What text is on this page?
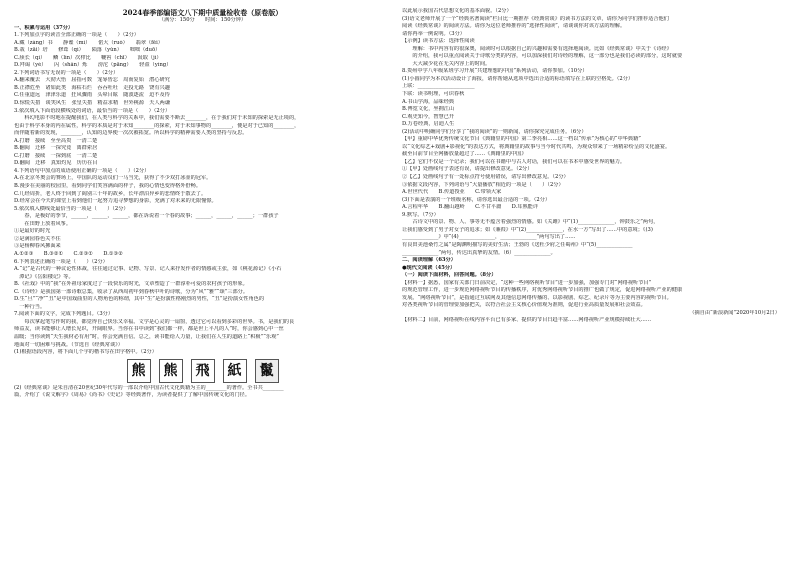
2024春季部编语文八下期中质量检收卷（原卷版）
（满分：150分　　时间：150分钟）
一、积累与运用（37分）
1.下列加点字的读音全部正确的一项是（　　）（2分）
A.藏（zàng）书　　静谧（mì）　　偌大（ruò）　　翡翠（fěi）
B.栽（zāi）培　　修葺（qì）　　陨落（yǔn）　　咄咄（duō）
C.颀长（qí）　　鳞（lín）次栉比　　鞭笞（chī）　　汲取（jí）
D.拜谒（yè）　　闪（shǎn）烁　　滂沱（pāng）　　轻盈（yíng）
2.下列词语书写无误的一项是（　　）（2分）
A.翻来覆去　大彻大悟　屈指可数　宠辱皆忘　周而复始　潜心研究
B.正襟危坐　诸如此类　海枯石烂　吞吞吐吐　走投无路　饶有兴趣
C.任重道远　津津乐道　狂风骤雨　头晕目眩　随波逐流　迫不及待
D.惊慌失措　谈笑风生　张皇失措　精益求精　世外桃源　天人两谦
3.依次填入下面语段横线处的词语，最恰当的一项是（　　）（2分）
　　科幻电影不时地在提醒我们，在人类与科学的关系中，我们需要不断去________，在于我们对于未知的探索是无止境的，
也由于科学本身的内在属性，科学的本质是对于未知________的探索，对于未知事物的________，便是对于已知的________，
而伴随着新的发现，________，认知的边界便一次次被拓宽。所以科学的精神需要人类的坚持与反思。
A.打磨　接续　至至高贵　一清二楚
B.翻阅　迁移　一探究竟　离群索居
C.打磨　接续　一探到底　一清二楚
D.翻阅　迁移　真知灼见　历历在目
4.下列语句中加点的成语使用正确的一项是（　　）（2分）
A.在北京冬奥会的赛场上，中国队的运动员们一马当先，获得了不少双打冰壶的冠军。
B.漫步在美丽的校园里，看到同学们笑容满面的样子，我的心情也变得格外舒畅。
C.几经周折，老人终于回到了阔别三十年的故乡，长年漂泊异乡的悲情终于散去了。
D.经常会在今天的课堂上看到他们一起努力追寻梦想的身影，充满了对未来的无限憧憬。
5.依次填入横线处最恰当的一项是（　　）（2分）
　　春，是极好的季节，______，______，______，都在诉说着一个春的故事；______，______，______；一群孩子
　　在田野上放着风筝。
①是最好的时光
②是满园春色关不住
③是杨柳春风拂面来
A.①②③　　B.③②①　　C.②③①　　D.①③②
6.下列表述正确的一项是（　　）（2分）
A.“记”是古代的一种议论性体裁，往往通过记事、记物、写景、记人来抒发作者的情感或主张，如《桃花源记》《小石
　潭记》《岳阳楼记》等。
B.《社戏》中的“我”在外祖母家度过了一段快乐的时光，文章塑造了一群淳朴可爱的农村孩子的形象。
C.《诗经》是我国第一部诗歌总集，收录了从西周初年到春秋中叶的诗歌，分为“风”“雅”“颂”三部分。
D.生“旦”“净”“丑”是中国戏曲里的人物角色的称谓，其中“生”是扮演性格刚烈的男性，“丑”是扮演女性角色的
　一种行当。
7.阅读下面的文字，完成下列题目。（3分）
　　每次拿起笔写作时的我，都觉得自己快乐又幸福。文学是心灵的一扇窗，透过它可以看到多彩的世界。书，是我们的良
师益友，读书能够让人增长见识，开阔眼界。当你在书中读到“我们都一样，都是世上平凡的人”时，你会感到心中一丝
温暖；当你读到“天生我材必有用”时，你会充满自信。总之，读书能给人力量，让我们在人生的道路上“积极”“乐观”
地面对一切困难与挑战。（节选自《经典常谈》）
(1)根据语段内容，将下面几个字的楷书写在田字格中。（2分）
熊	熊	飛	紙	鬣
(2)《经典常谈》是朱自清在20世纪30年代写的一部以介绍中国古代文化典籍为主的________的著作。全书共________
篇，介绍了《说文解字》《周易》《尚书》《史记》等经典著作，为读者提供了了解中国传统文化的门径。
以此展示我国古代思想文化的基本面貌。（2分）
(3)语文老师开展了一个“经典名著阅读”栏目比一期推荐《经典常谈》的读书方法的文章，请你为同学们推荐适合他们
阅读《经典常谈》的阅读方法。请你为这位老师推荐的“选择性阅读”，请谈谈你对该方法的理解。
请你再举一例说明。（3分）
【示例】读书方法：选择性阅读
　　理解：书中内容有的很深奥，阅读时可以根据自己的兴趣和需要有选择地阅读。比如《经典常谈》中关于《诗经》
　　的介绍，我可以重点阅读关于诗歌分类的内容，可以加深我们对诗经的理解，这一部分也是我们必读的部分，这时就要
　　大大减少花在无关内容上的时间。
8.贵州中学八年级某班学习开展“共建理想的中国”系列活动，请你参加。（10分）
(1)小圆同学为本次活动设计了海报，请你帮她从选项中选出合适的标语填写在上联的空格处。（2分）
上联：______________________
下联：读书明理，可识春秋
A.书山学海，品味经典
B.博览文化，坐拥江山
C.观史知今，智慧已开
D.万卷经典，启迪人生
(2)活动中明确同学们分享了“我的阅读”的一则新闻，请你探究完成任务。（6分）
【甲】重磅中华优秀传统文化节目《典籍里的中国》第二季亮相……这一档以“传承”为核心的“中华典籍”
以“文化综艺+戏剧+影视化”的表达方式，将典籍里的故事与当今时代共鸣，为观众带来了一场精彩纷呈的文化盛宴。
截至目前节目全网播放量超过了……《典籍里的中国》
【乙】它们不仅是一个记录；我们可以在书籍中与古人对话，我们可以在书本中感受世界的魅力。
①【甲】处画线句子表述有误，请提出修改意见。（2分）
②【乙】处画线句子有一处标点符号使用错误，请写出修改意见。（2分）
③依据文段内容，下列词语与“大量播放”相近的一项是（　　）（2分）
A.世世代代　　B.传道授业　　C.带领大家
(3)下面是表演的一个班级名称，请你选出最合适的一项。（2分）
A.言程年华　　B.翻山越岭　　C.不甘平庸　　D.耳熟能详
9.默写。（7分）
　　古诗文中的景、物、人、事等无不蕴含着强烈的情感。如《关雎》中“(1)______________，钟鼓乐之”两句，
让我们感受到了男子对女子的追求；如《蒹葭》中“(2)______________，在水一方”写出了……中的意境；《(3)
______________》中“(4)______________，______________”两句写出了……
有良田美池桑竹之属”是陶渊明描写的美好生活；王勃的《送杜少府之任蜀州》中“(5)______________
______________”两句，传达出真挚的友情。（6）______________。
二、阅读理解（63分）
●现代文阅读（45分）
（一）阅读下面材料，回答问题。（8分）
【材料一】据悉，国家有关部门日前决定，“这种一些网络视听节目”进一步加强，加强专门对“网络视听节目”
的规范管理工作，进一步规范网络视听节目的传播秩序，对优秀网络视听节目的推广也做了规定，促进网络视听产业的健康
发展。“网络视听节目”，是指通过互联网及其他信息网络传播的、以影视剧、综艺、纪录片等为主要内容的视听节目。
对各类视听节目的管理要加强把关，以符合社会主义核心价值观为准则，促进行业高质量发展和社会效益。
　　（摘自由“新浪新闻”2020年10月2日）
【材料二】目前，网络视听在线内容平台已有多家、提供的节目日趋丰富……网络视听产业规模持续壮大……
